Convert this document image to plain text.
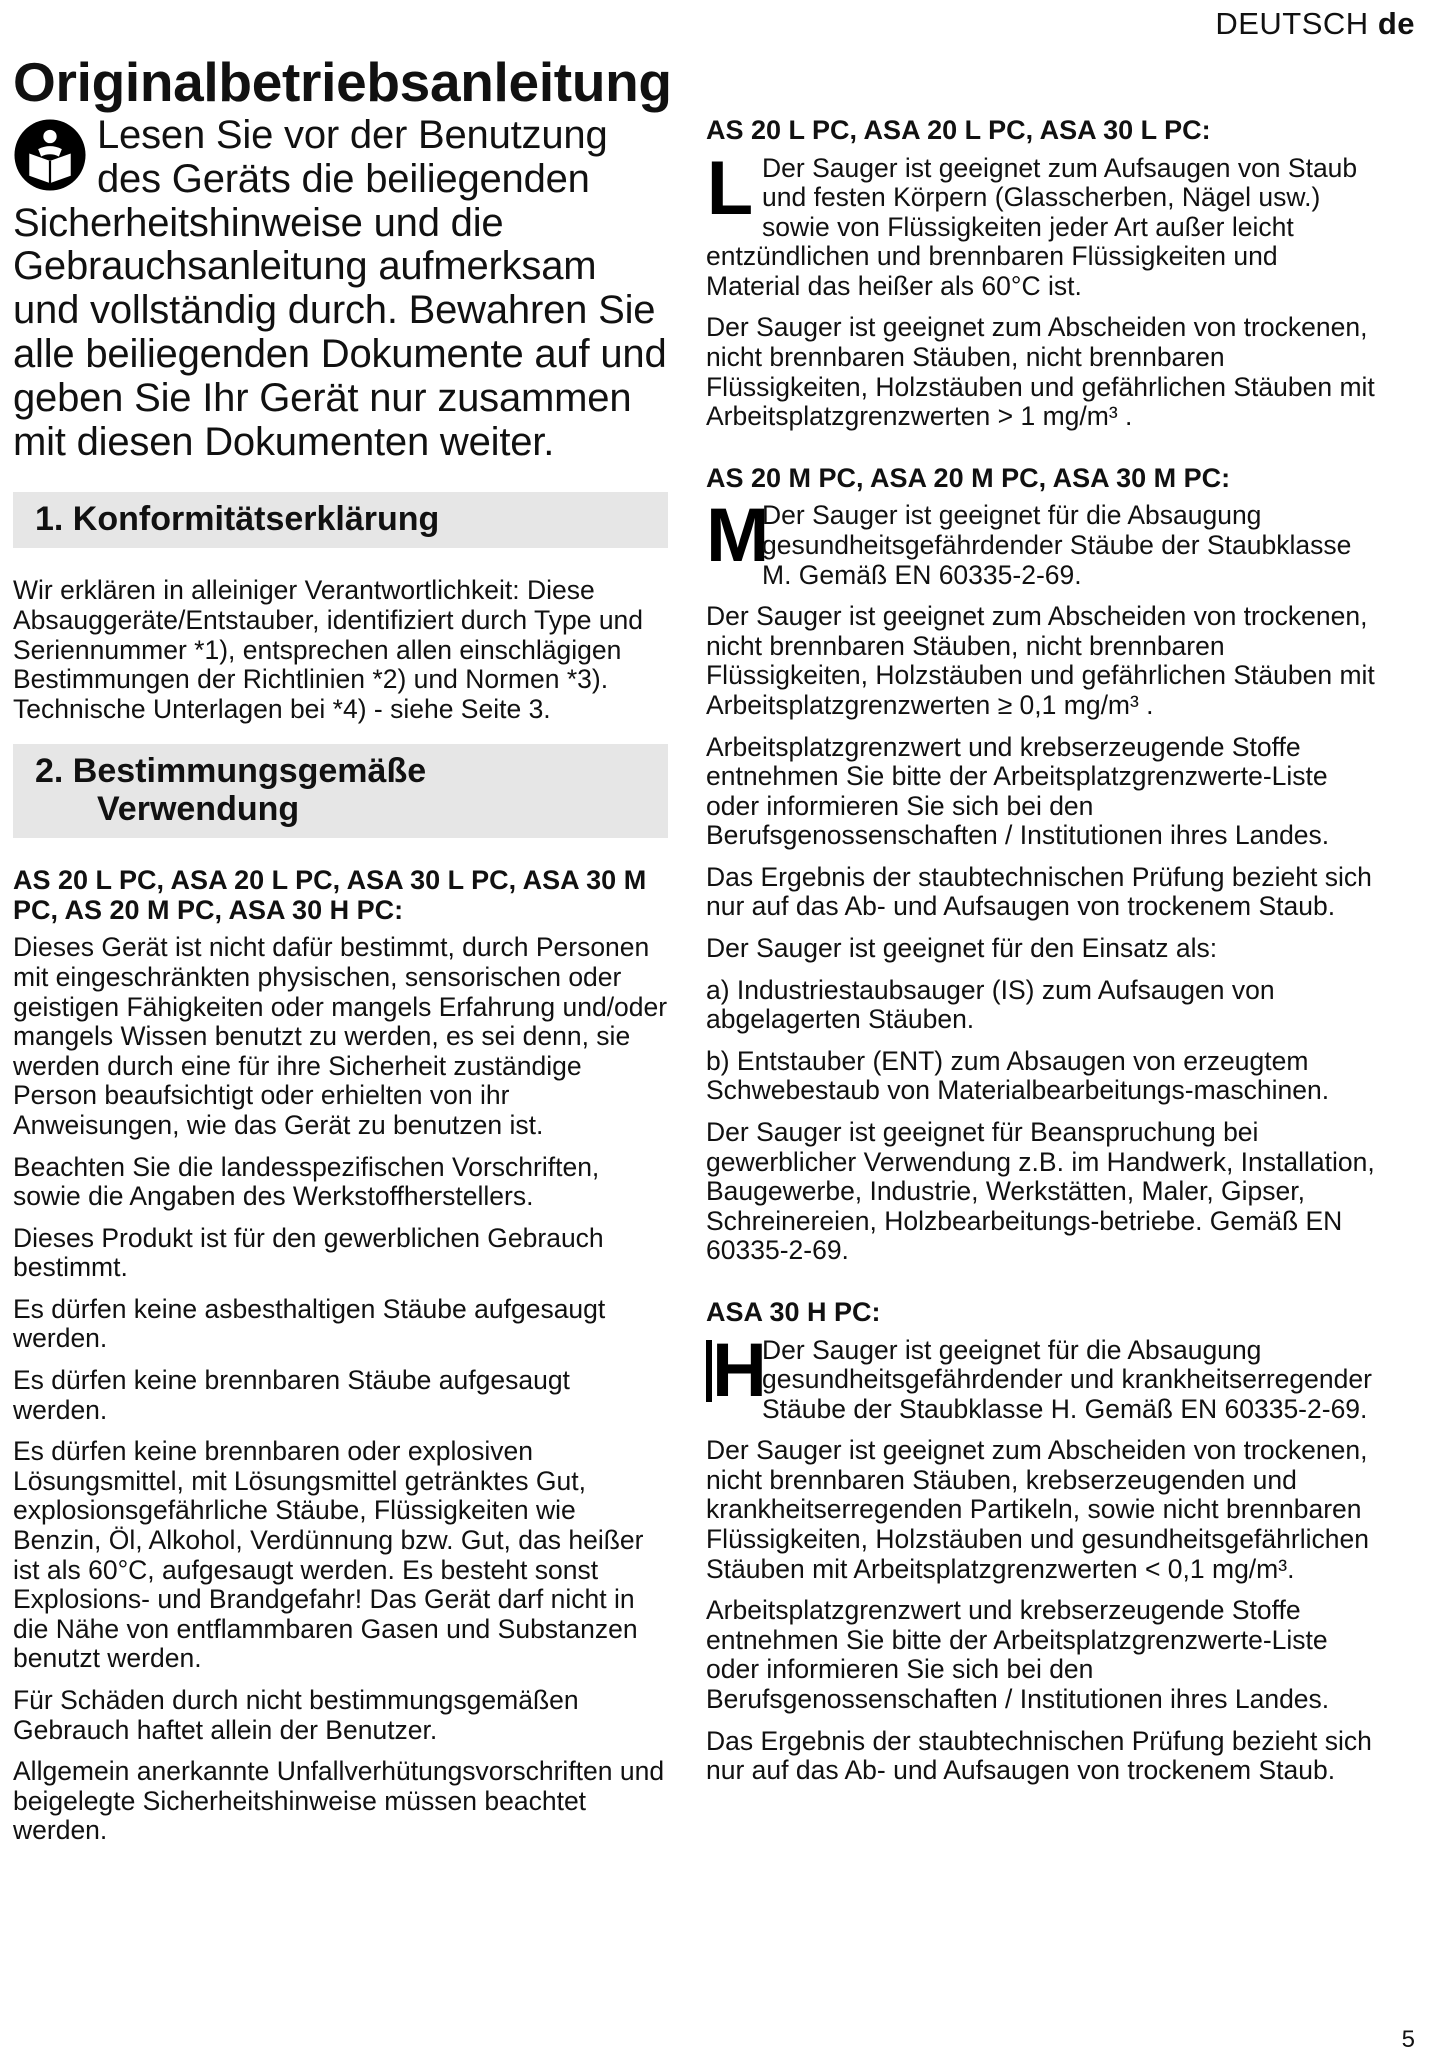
DEUTSCH de
Originalbetriebsanleitung
Lesen Sie vor der Benutzung des Geräts die beiliegenden Sicherheitshinweise und die Gebrauchsanleitung aufmerksam und vollständig durch. Bewahren Sie alle beiliegenden Dokumente auf und geben Sie Ihr Gerät nur zusammen mit diesen Dokumenten weiter.
1. Konformitätserklärung

Wir erklären in alleiniger Verantwortlichkeit: Diese Absauggeräte/Entstauber, identifiziert durch Type und Seriennummer *1), entsprechen allen einschlägigen Bestimmungen der Richtlinien *2) und Normen *3). Technische Unterlagen bei *4) - siehe Seite 3.

2. Bestimmungsgemäße
Verwendung
AS 20 L PC, ASA 20 L PC, ASA 30 L PC, ASA 30 M PC, AS 20 M PC, ASA 30 H PC:

Dieses Gerät ist nicht dafür bestimmt, durch Personen mit eingeschränkten physischen, sensorischen oder geistigen Fähigkeiten oder mangels Erfahrung und/oder mangels Wissen benutzt zu werden, es sei denn, sie werden durch eine für ihre Sicherheit zuständige Person beaufsichtigt oder erhielten von ihr Anweisungen, wie das Gerät zu benutzen ist.

Beachten Sie die landesspezifischen Vorschriften, sowie die Angaben des Werkstoffherstellers.

Dieses Produkt ist für den gewerblichen Gebrauch bestimmt.

Es dürfen keine asbesthaltigen Stäube aufgesaugt werden.

Es dürfen keine brennbaren Stäube aufgesaugt werden.

Es dürfen keine brennbaren oder explosiven Lösungsmittel, mit Lösungsmittel getränktes Gut, explosionsgefährliche Stäube, Flüssigkeiten wie Benzin, Öl, Alkohol, Verdünnung bzw. Gut, das heißer ist als 60°C, aufgesaugt werden. Es besteht sonst Explosions- und Brandgefahr! Das Gerät darf nicht in die Nähe von entflammbaren Gasen und Substanzen benutzt werden.

Für Schäden durch nicht bestimmungsgemäßen Gebrauch haftet allein der Benutzer.

Allgemein anerkannte Unfallverhütungsvorschriften und beigelegte Sicherheitshinweise müssen beachtet werden.

AS 20 L PC, ASA 20 L PC, ASA 30 L PC:
L Der Sauger ist geeignet zum Aufsaugen von Staub und festen Körpern (Glasscherben, Nägel usw.) sowie von Flüssigkeiten jeder Art außer leicht entzündlichen und brennbaren Flüssigkeiten und Material das heißer als 60°C ist.

Der Sauger ist geeignet zum Abscheiden von trockenen, nicht brennbaren Stäuben, nicht brennbaren Flüssigkeiten, Holzstäuben und gefährlichen Stäuben mit Arbeitsplatzgrenzwerten > 1 mg/m³ .

AS 20 M PC, ASA 20 M PC, ASA 30 M PC:
M

Der Sauger ist geeignet für die Absaugung gesundheitsgefährdender Stäube der Staubklasse M. Gemäß EN 60335-2-69.

Der Sauger ist geeignet zum Abscheiden von trockenen, nicht brennbaren Stäuben, nicht brennbaren Flüssigkeiten, Holzstäuben und gefährlichen Stäuben mit Arbeitsplatzgrenzwerten ≥ 0,1 mg/m³ .

Arbeitsplatzgrenzwert und krebserzeugende Stoffe entnehmen Sie bitte der Arbeitsplatzgrenzwerte-Liste oder informieren Sie sich bei den Berufsgenossenschaften / Institutionen ihres Landes.

Das Ergebnis der staubtechnischen Prüfung bezieht sich nur auf das Ab- und Aufsaugen von trockenem Staub.

Der Sauger ist geeignet für den Einsatz als:

a) Industriestaubsauger (IS) zum Aufsaugen von abgelagerten Stäuben.

b) Entstauber (ENT) zum Absaugen von erzeugtem Schwebestaub von Materialbearbeitungs-maschinen.

Der Sauger ist geeignet für Beanspruchung bei gewerblicher Verwendung z.B. im Handwerk, Installation, Baugewerbe, Industrie, Werkstätten, Maler, Gipser, Schreinereien, Holzbearbeitungs-betriebe. Gemäß EN 60335-2-69.

ASA 30 H PC:
H

Der Sauger ist geeignet für die Absaugung gesundheitsgefährdender und krankheitserregender Stäube der Staubklasse H. Gemäß EN 60335-2-69.

Der Sauger ist geeignet zum Abscheiden von trockenen, nicht brennbaren Stäuben, krebserzeugenden und krankheitserregenden Partikeln, sowie nicht brennbaren Flüssigkeiten, Holzstäuben und gesundheitsgefährlichen Stäuben mit Arbeitsplatzgrenzwerten < 0,1 mg/m³.

Arbeitsplatzgrenzwert und krebserzeugende Stoffe entnehmen Sie bitte der Arbeitsplatzgrenzwerte-Liste oder informieren Sie sich bei den Berufsgenossenschaften / Institutionen ihres Landes.

Das Ergebnis der staubtechnischen Prüfung bezieht sich nur auf das Ab- und Aufsaugen von trockenem Staub.

5
